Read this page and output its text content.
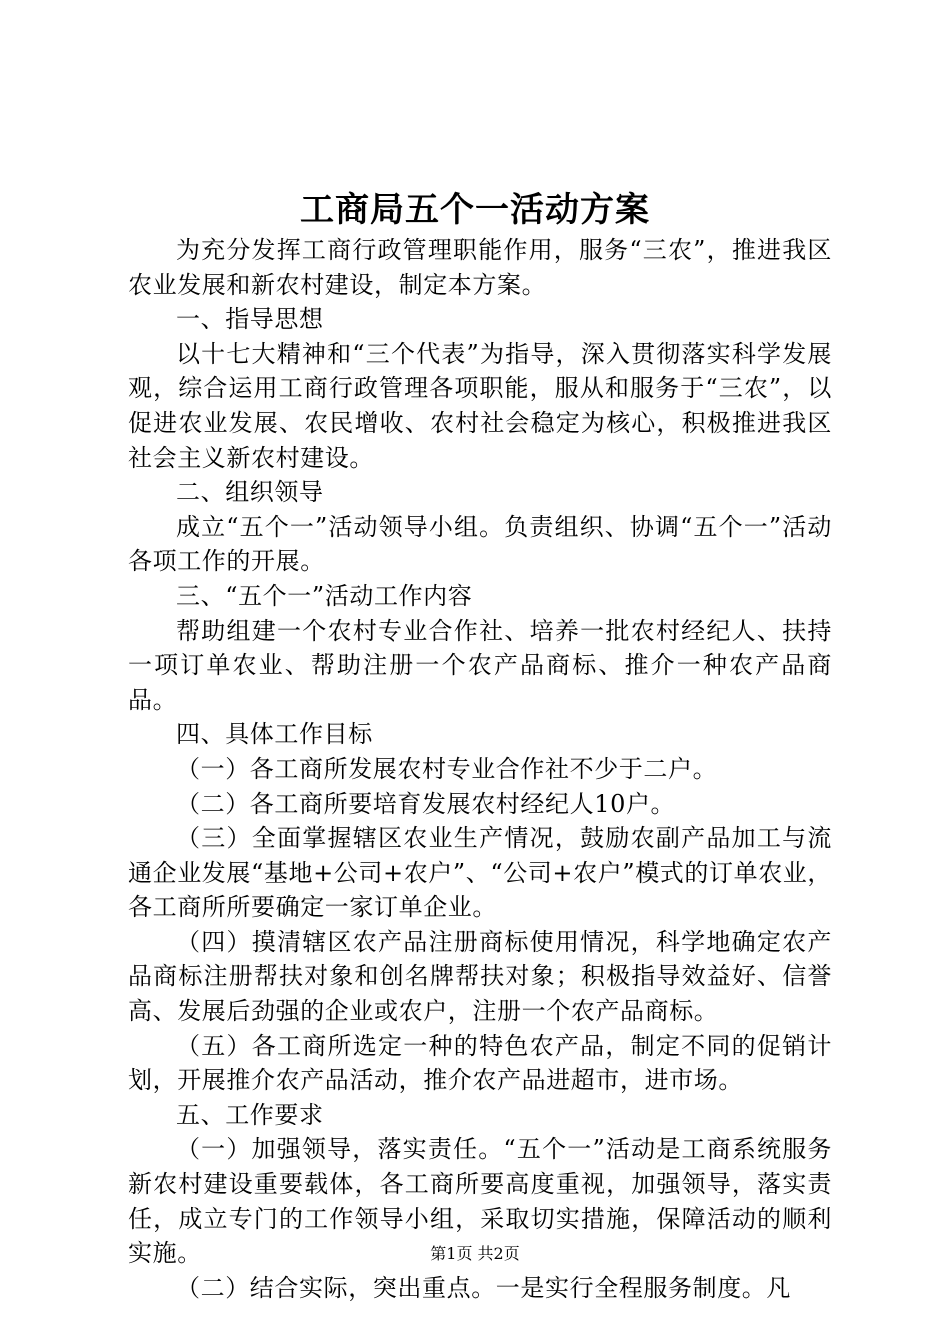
工商局五个一活动方案

为充分发挥工商行政管理职能作用，服务“三农”，推进我区农业发展和新农村建设，制定本方案。

一、指导思想

以十七大精神和“三个代表”为指导，深入贯彻落实科学发展观，综合运用工商行政管理各项职能，服从和服务于“三农”，以促进农业发展、农民增收、农村社会稳定为核心，积极推进我区社会主义新农村建设。

二、组织领导

成立“五个一”活动领导小组。负责组织、协调“五个一”活动各项工作的开展。

三、“五个一”活动工作内容

帮助组建一个农村专业合作社、培养一批农村经纪人、扶持一项订单农业、帮助注册一个农产品商标、推介一种农产品商品。

四、具体工作目标

（一）各工商所发展农村专业合作社不少于二户。

（二）各工商所要培育发展农村经纪人10户。

（三）全面掌握辖区农业生产情况，鼓励农副产品加工与流通企业发展“基地+公司+农户”、“公司+农户”模式的订单农业，各工商所所要确定一家订单企业。

（四）摸清辖区农产品注册商标使用情况，科学地确定农产品商标注册帮扶对象和创名牌帮扶对象；积极指导效益好、信誉高、发展后劲强的企业或农户，注册一个农产品商标。

（五）各工商所选定一种的特色农产品，制定不同的促销计划，开展推介农产品活动，推介农产品进超市，进市场。

五、工作要求

（一）加强领导，落实责任。“五个一”活动是工商系统服务新农村建设重要载体，各工商所要高度重视，加强领导，落实责任，成立专门的工作领导小组，采取切实措施，保障活动的顺利实施。

（二）结合实际，突出重点。一是实行全程服务制度。凡

第1页 共2页
